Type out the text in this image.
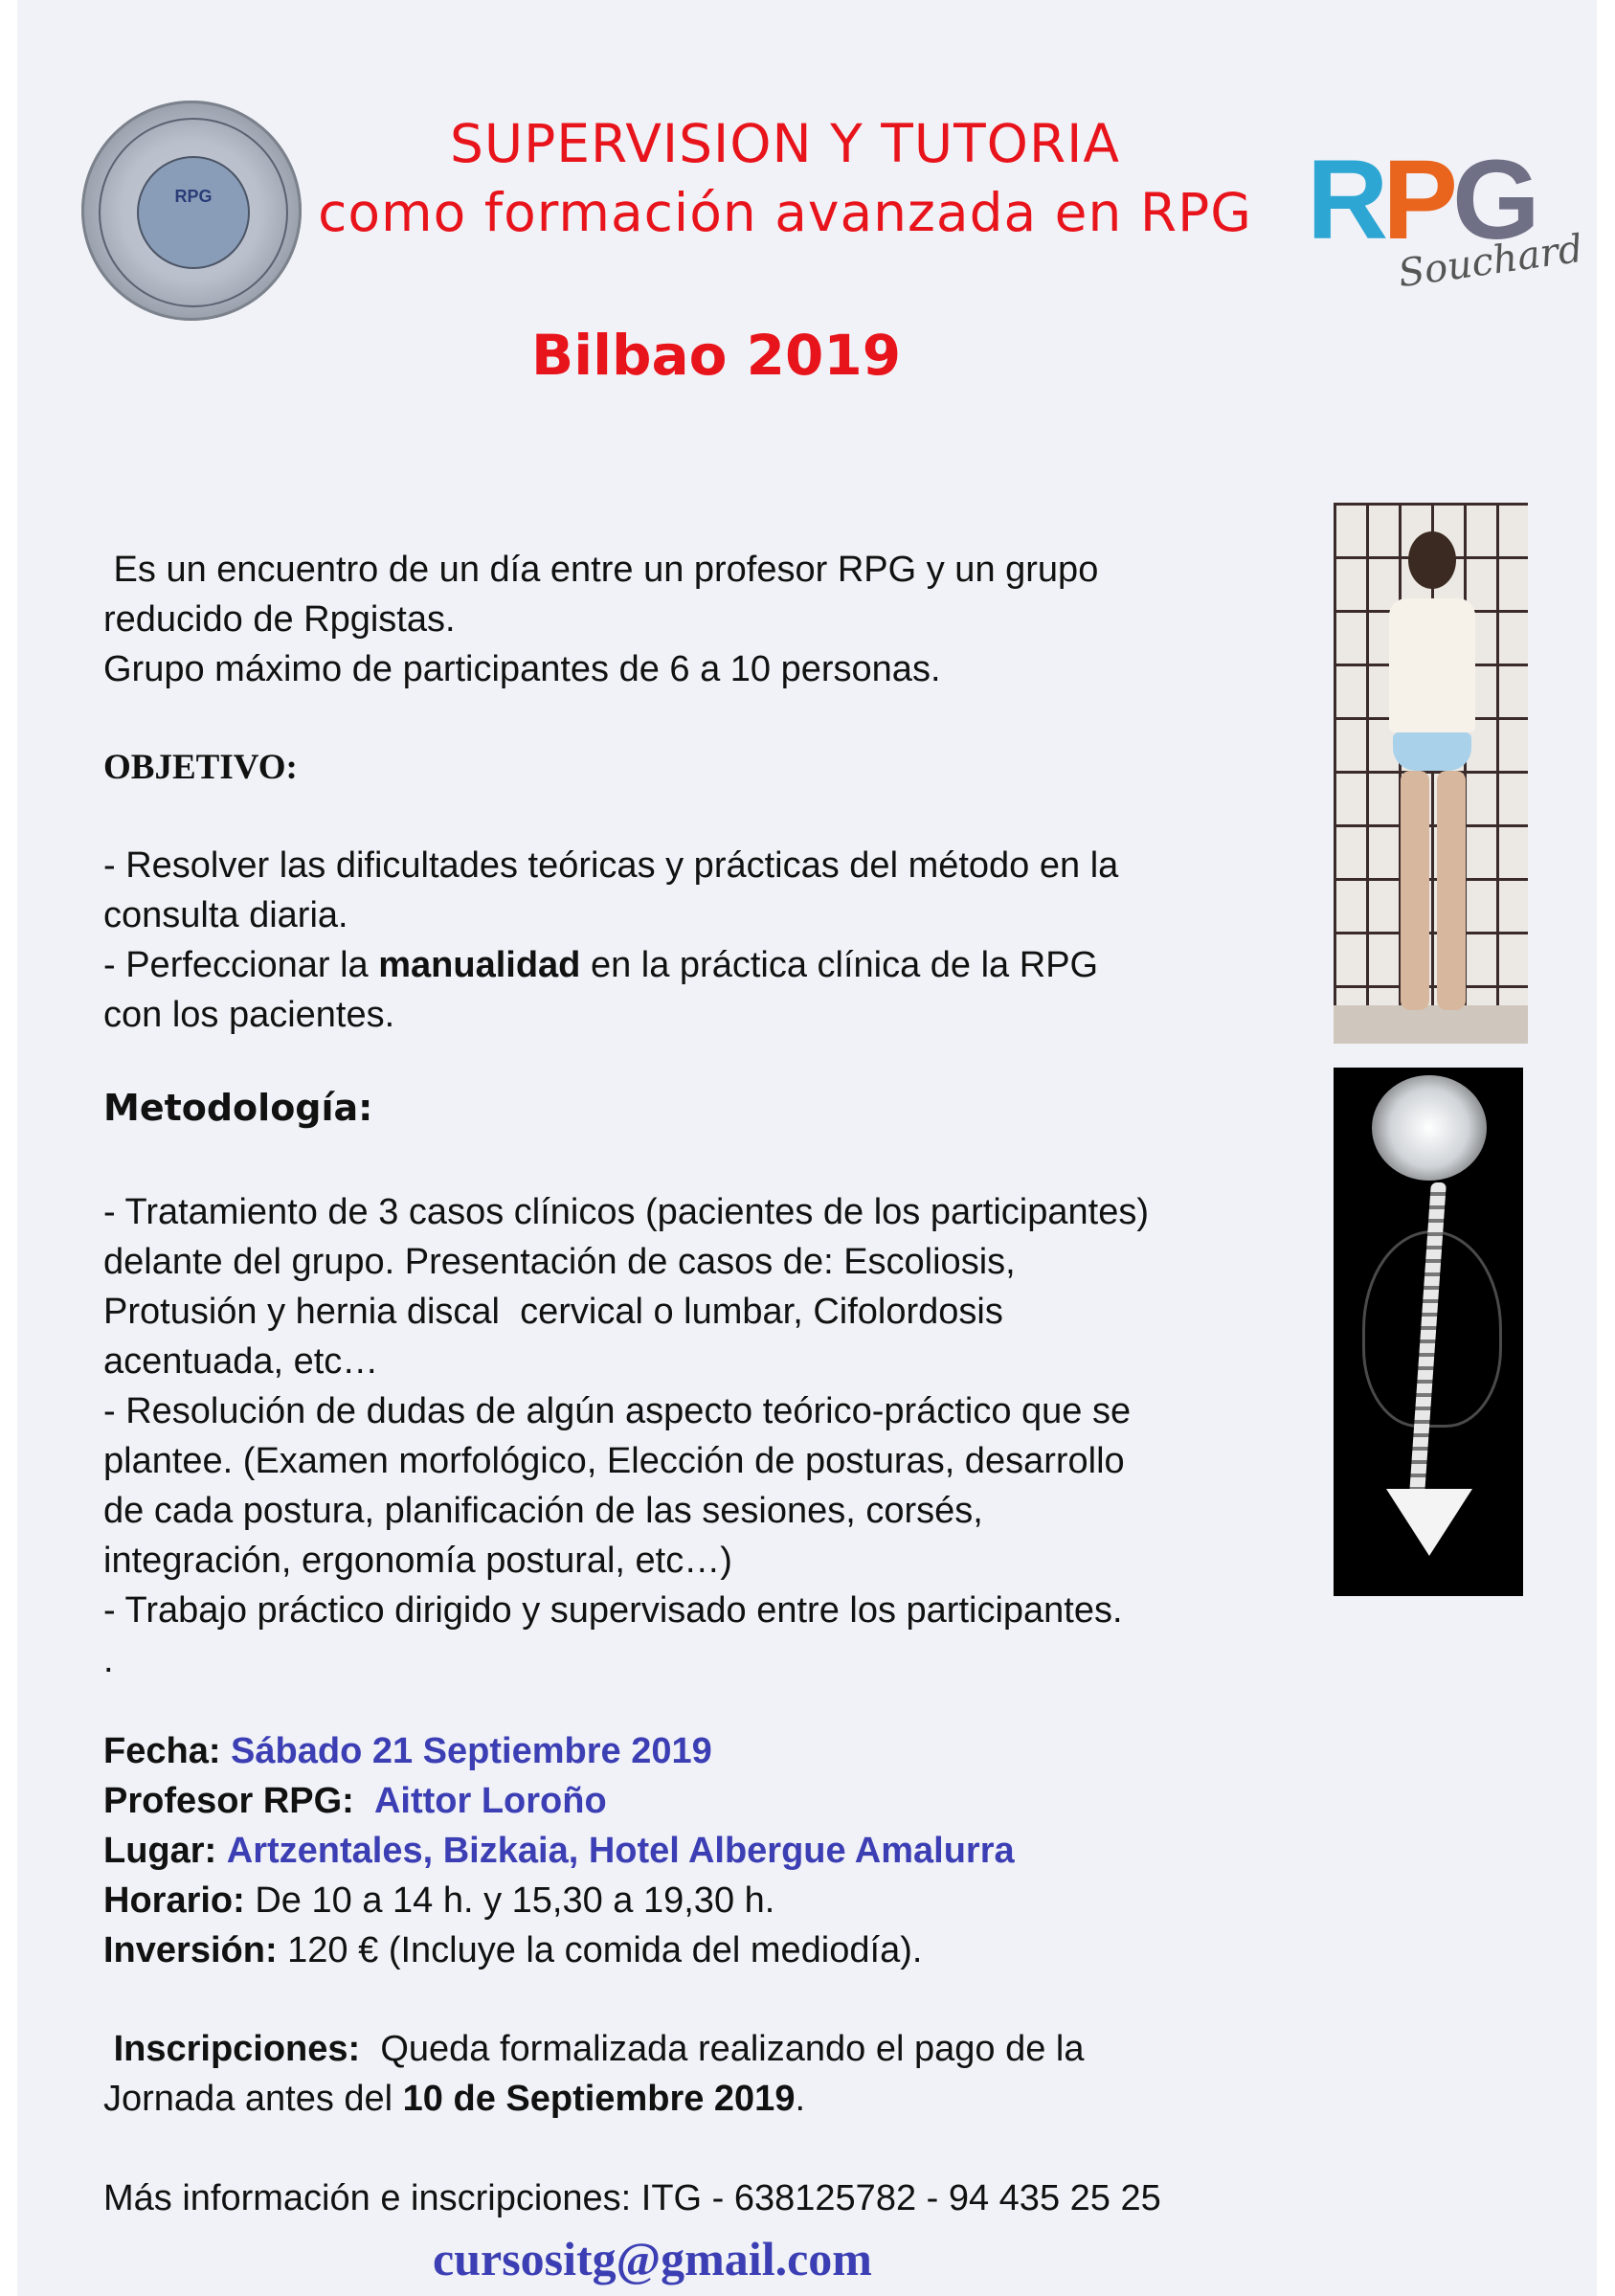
RPG	RPG
Souchard
SUPERVISION Y TUTORIA
como formación avanzada en RPG
Bilbao 2019
Es un encuentro de un día entre un profesor RPG y un grupo
reducido de Rpgistas.
Grupo máximo de participantes de 6 a 10 personas.
OBJETIVO:
- Resolver las dificultades teóricas y prácticas del método en la
consulta diaria.
- Perfeccionar la manualidad en la práctica clínica de la RPG
con los pacientes.
Metodología:
- Tratamiento de 3 casos clínicos (pacientes de los participantes)
delante del grupo. Presentación de casos de: Escoliosis,
Protusión y hernia discal  cervical o lumbar, Cifolordosis
acentuada, etc…
- Resolución de dudas de algún aspecto teórico-práctico que se
plantee. (Examen morfológico, Elección de posturas, desarrollo
de cada postura, planificación de las sesiones, corsés,
integración, ergonomía postural, etc…)
- Trabajo práctico dirigido y supervisado entre los participantes.
.
Fecha: Sábado 21 Septiembre 2019
Profesor RPG: Aittor Loroño
Lugar: Artzentales, Bizkaia, Hotel Albergue Amalurra
Horario: De 10 a 14 h. y 15,30 a 19,30 h.
Inversión: 120 € (Incluye la comida del mediodía).
Inscripciones:  Queda formalizada realizando el pago de la
Jornada antes del 10 de Septiembre 2019.
Más información e inscripciones: ITG - 638125782 - 94 435 25 25
cursositg@gmail.com
